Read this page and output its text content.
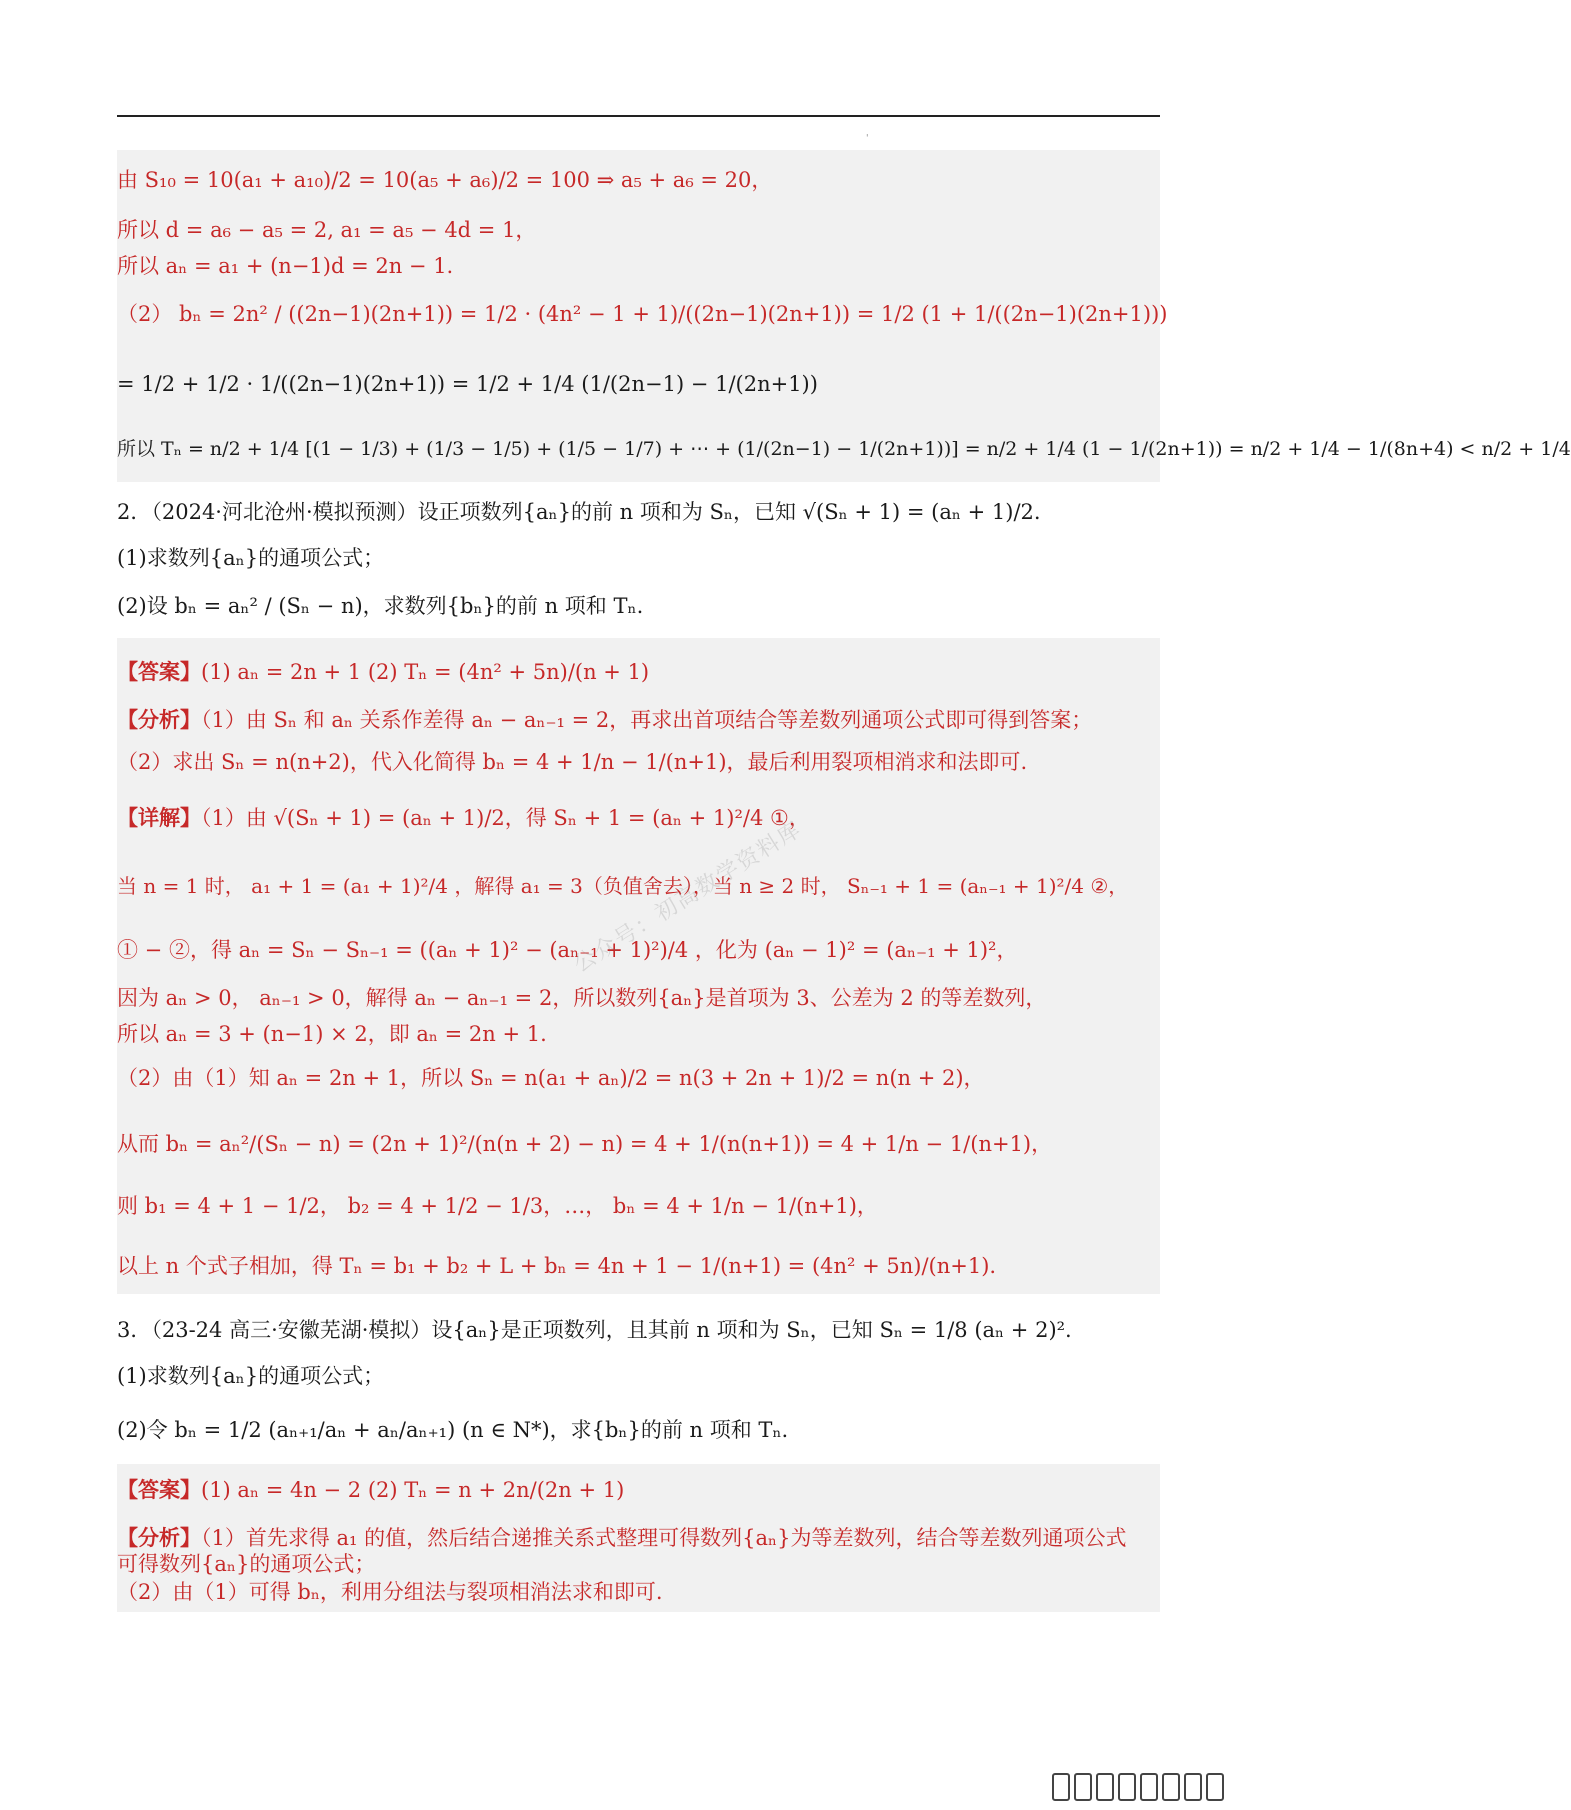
'
由 S₁₀ = 10(a₁ + a₁₀)/2 = 10(a₅ + a₆)/2 = 100 ⇒ a₅ + a₆ = 20，
所以 d = a₆ − a₅ = 2, a₁ = a₅ − 4d = 1，
所以 aₙ = a₁ + (n−1)d = 2n − 1.
（2） bₙ = 2n² / ((2n−1)(2n+1)) = 1/2 · (4n² − 1 + 1)/((2n−1)(2n+1)) = 1/2 (1 + 1/((2n−1)(2n+1)))
= 1/2 + 1/2 · 1/((2n−1)(2n+1)) = 1/2 + 1/4 (1/(2n−1) − 1/(2n+1))
所以 Tₙ = n/2 + 1/4 [(1 − 1/3) + (1/3 − 1/5) + (1/5 − 1/7) + ⋯ + (1/(2n−1) − 1/(2n+1))] = n/2 + 1/4 (1 − 1/(2n+1)) = n/2 + 1/4 − 1/(8n+4) < n/2 + 1/4
2．（2024·河北沧州·模拟预测）设正项数列{aₙ}的前 n 项和为 Sₙ，已知 √(Sₙ + 1) = (aₙ + 1)/2.
(1)求数列{aₙ}的通项公式；
(2)设 bₙ = aₙ² / (Sₙ − n)，求数列{bₙ}的前 n 项和 Tₙ.
【答案】(1) aₙ = 2n + 1 (2) Tₙ = (4n² + 5n)/(n + 1)
【分析】（1）由 Sₙ 和 aₙ 关系作差得 aₙ − aₙ₋₁ = 2，再求出首项结合等差数列通项公式即可得到答案；
（2）求出 Sₙ = n(n+2)，代入化简得 bₙ = 4 + 1/n − 1/(n+1)，最后利用裂项相消求和法即可.
【详解】（1）由 √(Sₙ + 1) = (aₙ + 1)/2，得 Sₙ + 1 = (aₙ + 1)²/4 ①，
当 n = 1 时， a₁ + 1 = (a₁ + 1)²/4 ，解得 a₁ = 3（负值舍去），当 n ≥ 2 时， Sₙ₋₁ + 1 = (aₙ₋₁ + 1)²/4 ②，
① − ②，得 aₙ = Sₙ − Sₙ₋₁ = ((aₙ + 1)² − (aₙ₋₁ + 1)²)/4 ，化为 (aₙ − 1)² = (aₙ₋₁ + 1)²，
因为 aₙ > 0， aₙ₋₁ > 0，解得 aₙ − aₙ₋₁ = 2，所以数列{aₙ}是首项为 3、公差为 2 的等差数列，
所以 aₙ = 3 + (n−1) × 2，即 aₙ = 2n + 1.
（2）由（1）知 aₙ = 2n + 1，所以 Sₙ = n(a₁ + aₙ)/2 = n(3 + 2n + 1)/2 = n(n + 2)，
从而 bₙ = aₙ²/(Sₙ − n) = (2n + 1)²/(n(n + 2) − n) = 4 + 1/(n(n+1)) = 4 + 1/n − 1/(n+1)，
则 b₁ = 4 + 1 − 1/2， b₂ = 4 + 1/2 − 1/3，…， bₙ = 4 + 1/n − 1/(n+1)，
以上 n 个式子相加，得 Tₙ = b₁ + b₂ + L + bₙ = 4n + 1 − 1/(n+1) = (4n² + 5n)/(n+1).
3．（23-24 高三·安徽芜湖·模拟）设{aₙ}是正项数列，且其前 n 项和为 Sₙ，已知 Sₙ = 1/8 (aₙ + 2)².
(1)求数列{aₙ}的通项公式；
(2)令 bₙ = 1/2 (aₙ₊₁/aₙ + aₙ/aₙ₊₁) (n ∈ N*)，求{bₙ}的前 n 项和 Tₙ.
【答案】(1) aₙ = 4n − 2 (2) Tₙ = n + 2n/(2n + 1)
【分析】（1）首先求得 a₁ 的值，然后结合递推关系式整理可得数列{aₙ}为等差数列，结合等差数列通项公式
可得数列{aₙ}的通项公式；
（2）由（1）可得 bₙ，利用分组法与裂项相消法求和即可.
公众号：初高数学资料库
